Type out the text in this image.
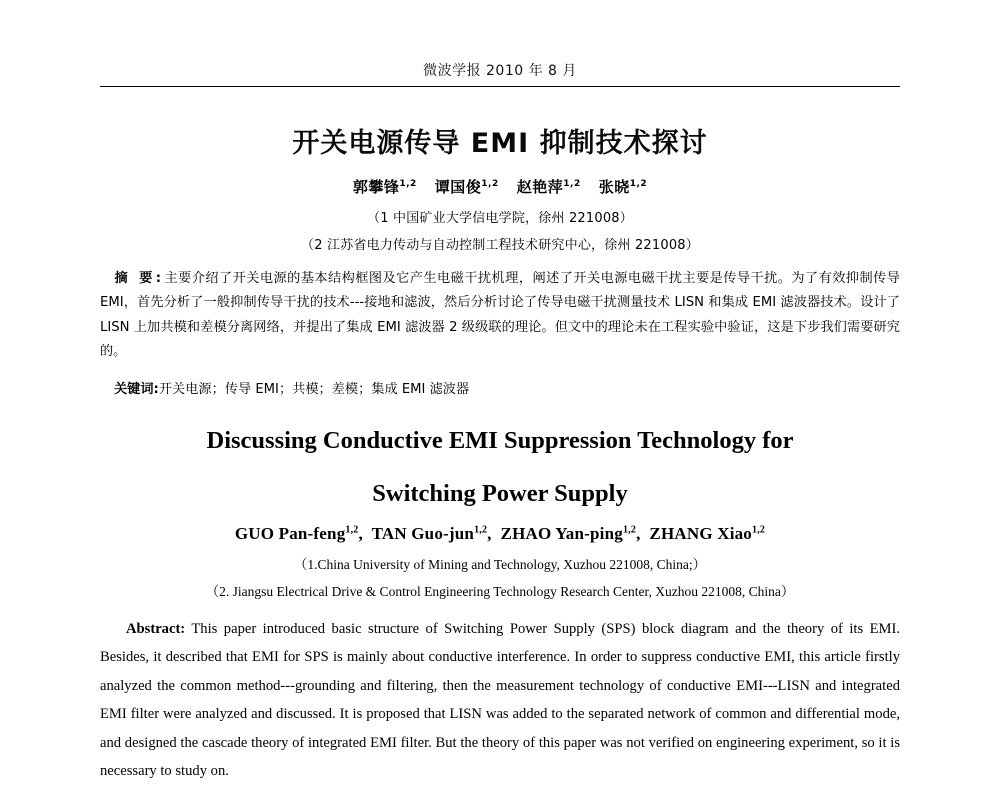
微波学报 2010 年 8 月
开关电源传导 EMI 抑制技术探讨
郭攀锋$^{1,2}$ 谭国俊$^{1,2}$ 赵艳萍$^{1,2}$ 张晓$^{1,2}$
（1 中国矿业大学信电学院，徐州 221008）
（2 江苏省电力传动与自动控制工程技术研究中心，徐州 221008）

摘 要:主要介绍了开关电源的基本结构框图及它产生电磁干扰机理，阐述了开关电源电磁干扰主要是传导干扰。为了有效抑制传导 EMI，首先分析了一般抑制传导干扰的技术---接地和滤波，然后分析讨论了传导电磁干扰测量技术 LISN 和集成 EMI 滤波器技术。设计了 LISN 上加共模和差模分离网络，并提出了集成 EMI 滤波器 2 级级联的理论。但文中的理论未在工程实验中验证，这是下步我们需要研究的。

关键词:开关电源；传导 EMI；共模；差模；集成 EMI 滤波器

Discussing Conductive EMI Suppression Technology for
Switching Power Supply
GUO Pan-feng$^{1,2}$,  TAN Guo-jun$^{1,2}$,  ZHAO Yan-ping$^{1,2}$,  ZHANG Xiao$^{1,2}$
（1.China University of Mining and Technology, Xuzhou 221008, China;）
（2. Jiangsu Electrical Drive & Control Engineering Technology Research Center, Xuzhou 221008, China）

Abstract: This paper introduced basic structure of Switching Power Supply (SPS) block diagram and the theory of its EMI. Besides, it described that EMI for SPS is mainly about conductive interference. In order to suppress conductive EMI, this article firstly analyzed the common method---grounding and filtering, then the measurement technology of conductive EMI---LISN and integrated EMI filter were analyzed and discussed. It is proposed that LISN was added to the separated network of common and differential mode, and designed the cascade theory of integrated EMI filter. But the theory of this paper was not verified on engineering experiment, so it is necessary to study on.
